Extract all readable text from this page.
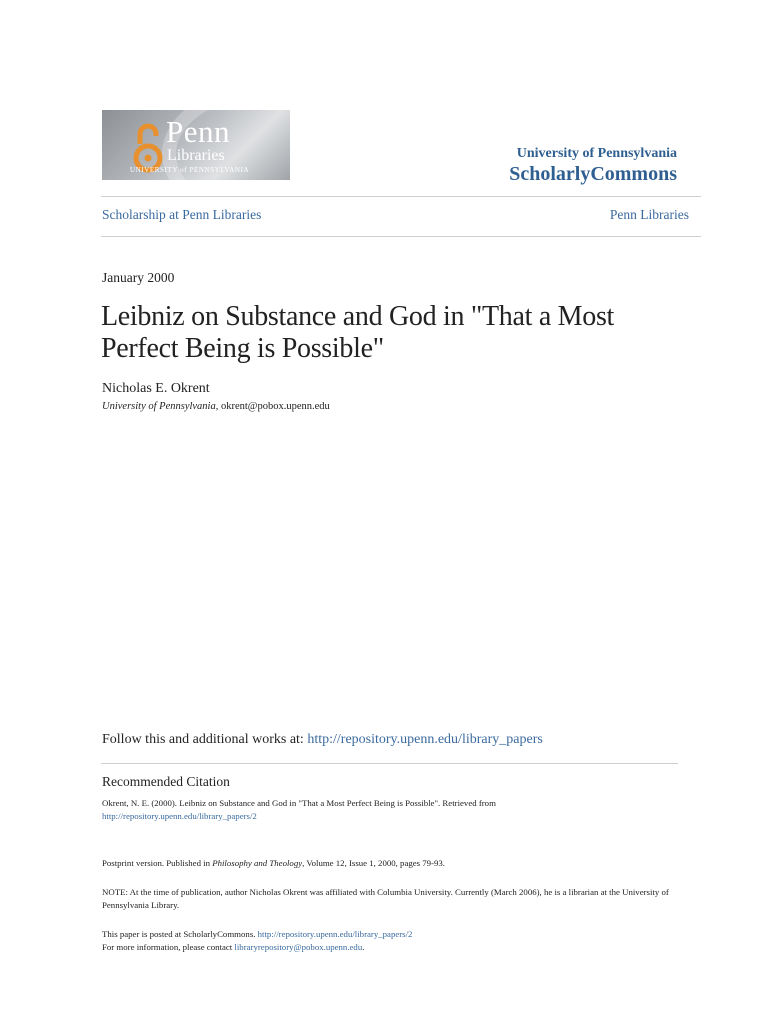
Penn
Libraries
UNIVERSITY of PENNSYLVANIA
University of Pennsylvania
ScholarlyCommons
Scholarship at Penn Libraries	Penn Libraries
January 2000
Leibniz on Substance and God in "That a Most Perfect Being is Possible"
Nicholas E. Okrent
University of Pennsylvania, okrent@pobox.upenn.edu
Follow this and additional works at: http://repository.upenn.edu/library_papers
Recommended Citation
Okrent, N. E. (2000). Leibniz on Substance and God in "That a Most Perfect Being is Possible". Retrieved from
http://repository.upenn.edu/library_papers/2
Postprint version. Published in Philosophy and Theology, Volume 12, Issue 1, 2000, pages 79-93.
NOTE: At the time of publication, author Nicholas Okrent was affiliated with Columbia University. Currently (March 2006), he is a librarian at the University of Pennsylvania Library.
This paper is posted at ScholarlyCommons. http://repository.upenn.edu/library_papers/2
For more information, please contact libraryrepository@pobox.upenn.edu.
